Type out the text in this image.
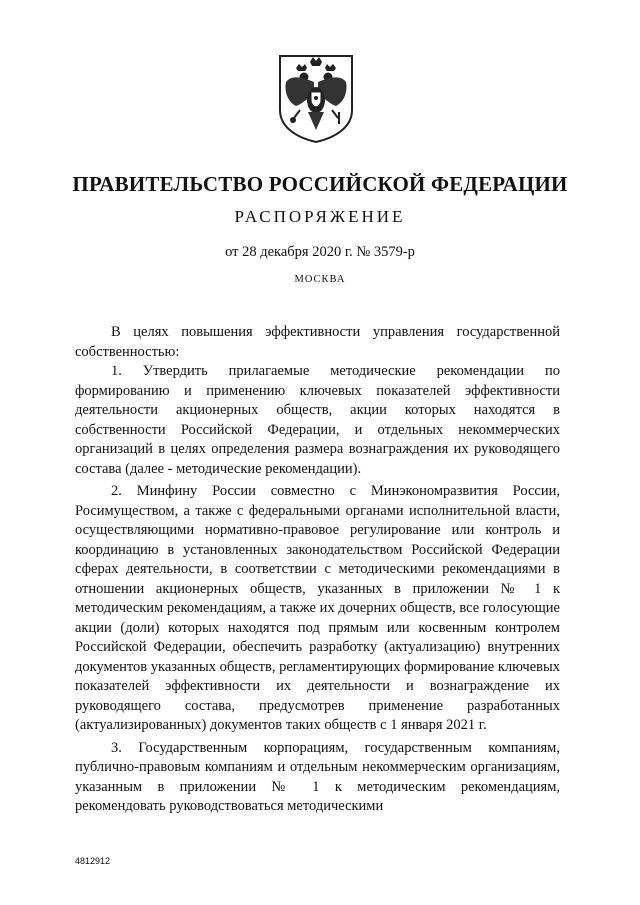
ПРАВИТЕЛЬСТВО РОССИЙСКОЙ ФЕДЕРАЦИИ
РАСПОРЯЖЕНИЕ
от 28 декабря 2020 г. № 3579-р
МОСКВА

В целях повышения эффективности управления государственной собственностью:

1. Утвердить прилагаемые методические рекомендации по формированию и применению ключевых показателей эффективности деятельности акционерных обществ, акции которых находятся в собственности Российской Федерации, и отдельных некоммерческих организаций в целях определения размера вознаграждения их руководящего состава (далее - методические рекомендации).

2. Минфину России совместно с Минэкономразвития России, Росимуществом, а также с федеральными органами исполнительной власти, осуществляющими нормативно-правовое регулирование или контроль и координацию в установленных законодательством Российской Федерации сферах деятельности, в соответствии с методическими рекомендациями в отношении акционерных обществ, указанных в приложении № 1 к методическим рекомендациям, а также их дочерних обществ, все голосующие акции (доли) которых находятся под прямым или косвенным контролем Российской Федерации, обеспечить разработку (актуализацию) внутренних документов указанных обществ, регламентирующих формирование ключевых показателей эффективности их деятельности и вознаграждение их руководящего состава, предусмотрев применение разработанных (актуализированных) документов таких обществ с 1 января 2021 г.

3. Государственным корпорациям, государственным компаниям, публично-правовым компаниям и отдельным некоммерческим организациям, указанным в приложении № 1 к методическим рекомендациям, рекомендовать руководствоваться методическими

4812912
